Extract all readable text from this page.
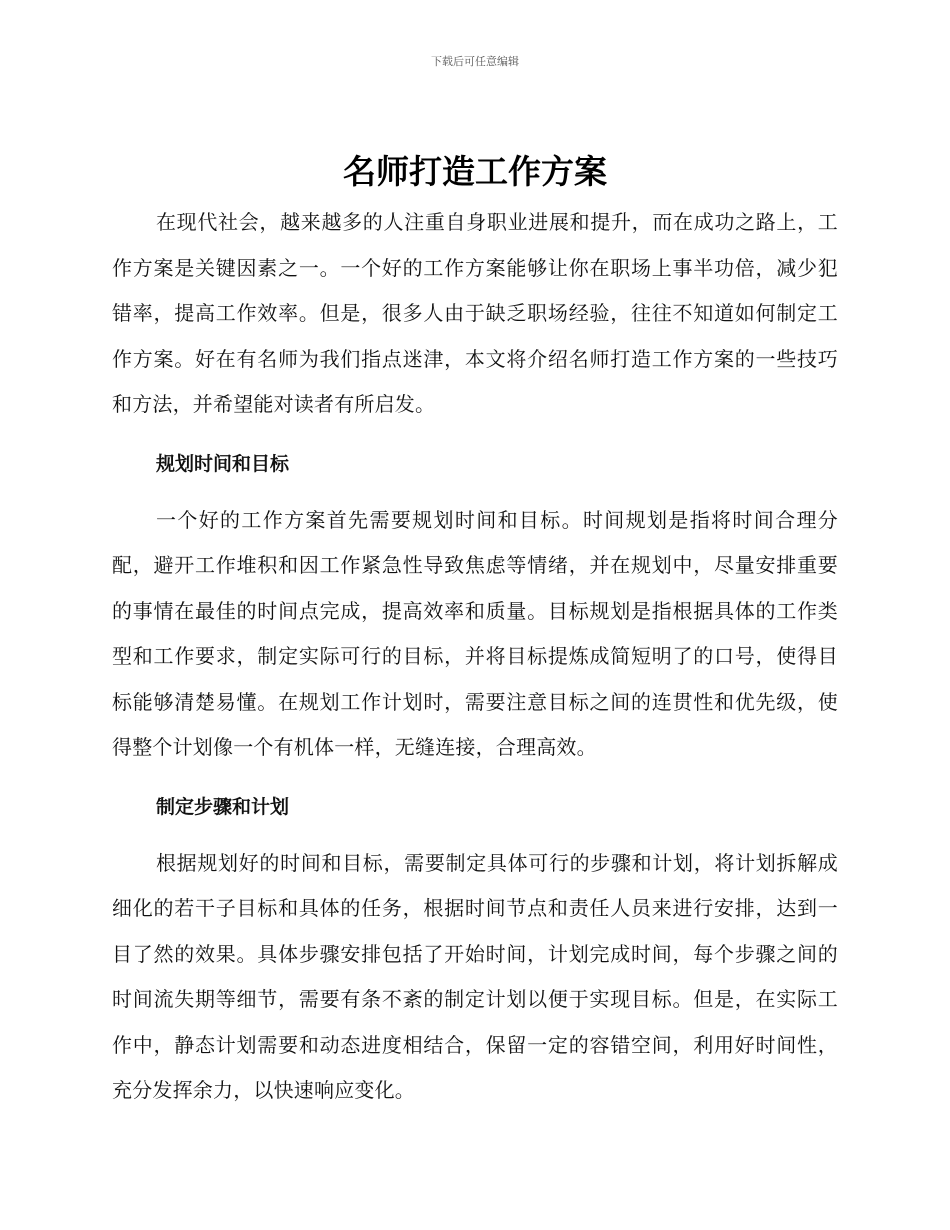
下载后可任意编辑
名师打造工作方案

在现代社会，越来越多的人注重自身职业进展和提升，而在成功之路上，工作方案是关键因素之一。一个好的工作方案能够让你在职场上事半功倍，减少犯错率，提高工作效率。但是，很多人由于缺乏职场经验，往往不知道如何制定工作方案。好在有名师为我们指点迷津，本文将介绍名师打造工作方案的一些技巧和方法，并希望能对读者有所启发。

规划时间和目标

一个好的工作方案首先需要规划时间和目标。时间规划是指将时间合理分配，避开工作堆积和因工作紧急性导致焦虑等情绪，并在规划中，尽量安排重要的事情在最佳的时间点完成，提高效率和质量。目标规划是指根据具体的工作类型和工作要求，制定实际可行的目标，并将目标提炼成简短明了的口号，使得目标能够清楚易懂。在规划工作计划时，需要注意目标之间的连贯性和优先级，使得整个计划像一个有机体一样，无缝连接，合理高效。

制定步骤和计划

根据规划好的时间和目标，需要制定具体可行的步骤和计划，将计划拆解成细化的若干子目标和具体的任务，根据时间节点和责任人员来进行安排，达到一目了然的效果。具体步骤安排包括了开始时间，计划完成时间，每个步骤之间的时间流失期等细节，需要有条不紊的制定计划以便于实现目标。但是，在实际工作中，静态计划需要和动态进度相结合，保留一定的容错空间，利用好时间性，充分发挥余力，以快速响应变化。
